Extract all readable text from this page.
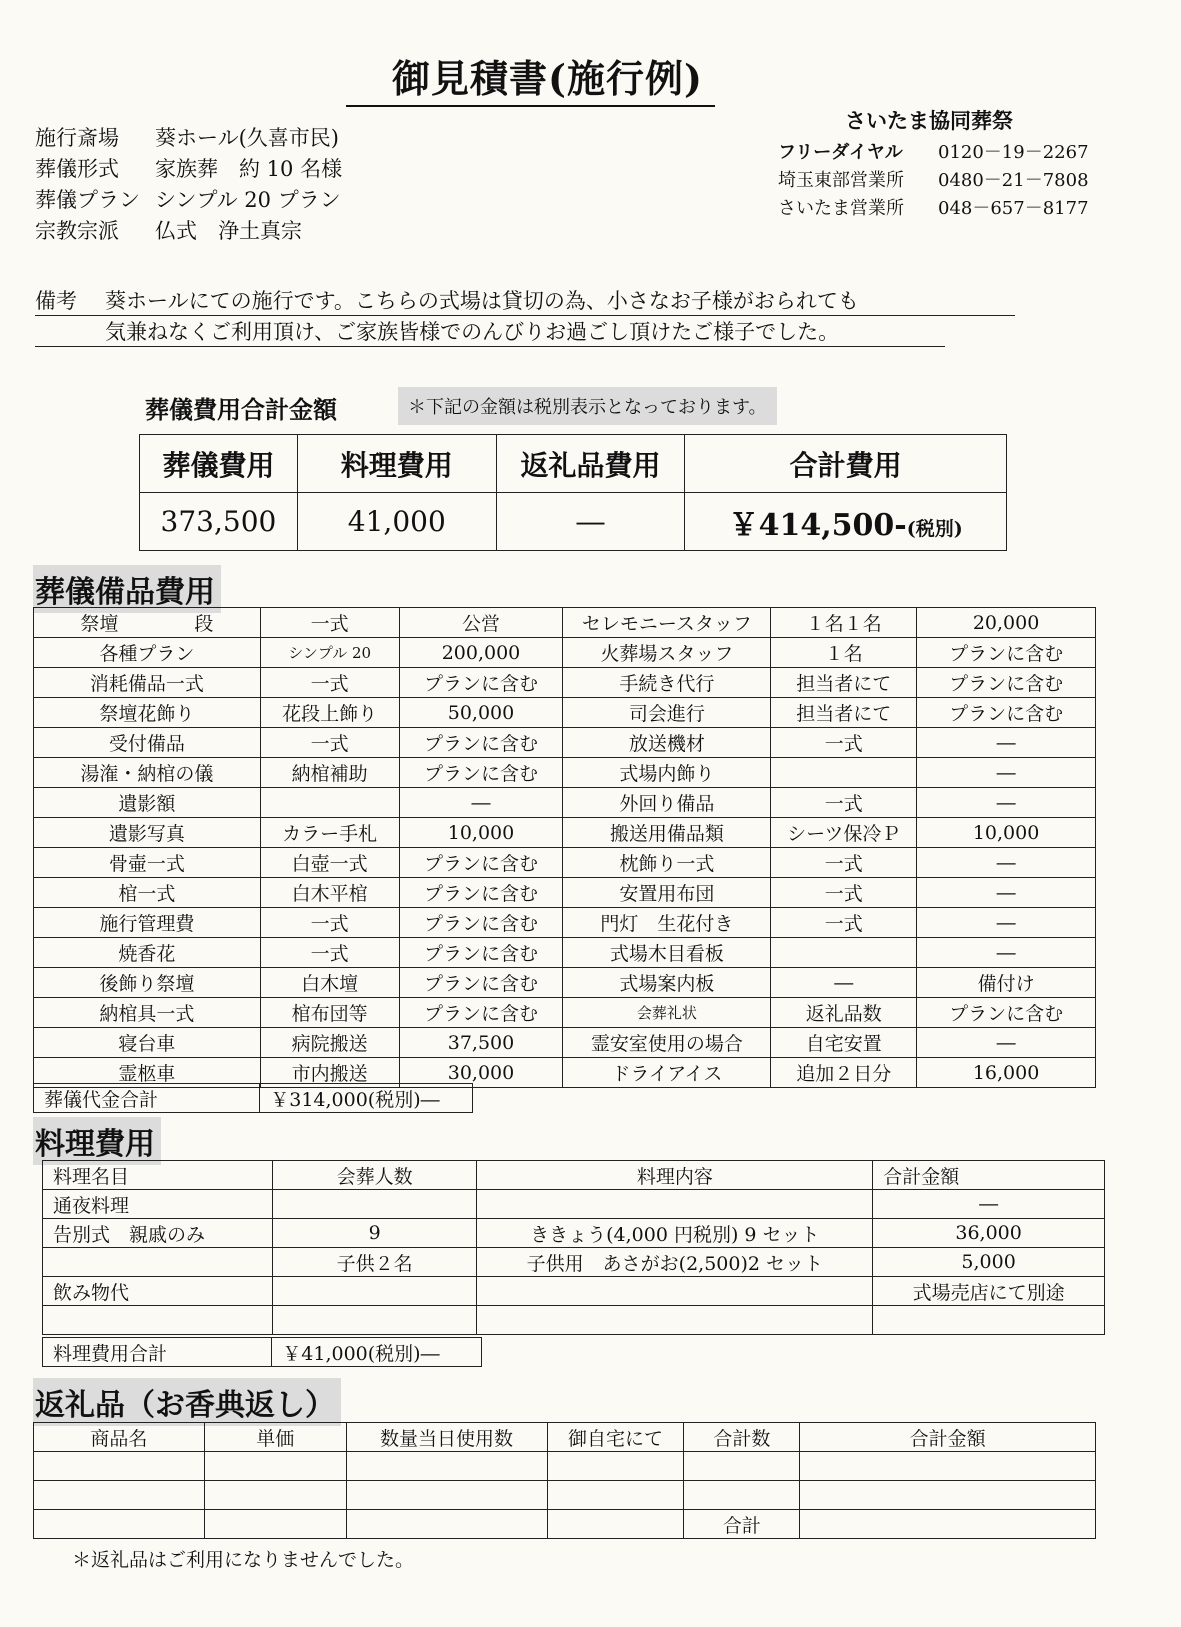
御見積書(施行例)
施行斎場 葵ホール(久喜市民)
葬儀形式 家族葬　約 10 名様
葬儀プラン シンプル 20 プラン
宗教宗派 仏式　浄土真宗
さいたま協同葬祭
フリーダイヤル 0120－19－2267
埼玉東部営業所 0480－21－7808
さいたま営業所 048－657－8177
備考 葵ホールにての施行です。こちらの式場は貸切の為、小さなお子様がおられても
気兼ねなくご利用頂け、ご家族皆様でのんびりお過ごし頂けたご様子でした。
葬儀費用合計金額	＊下記の金額は税別表示となっております。
葬儀費用	料理費用	返礼品費用	合計費用
373,500	41,000	―	￥414,500-(税別)
葬儀備品費用
祭壇　　　　段	一式	公営	セレモニースタッフ	１名１名	20,000
各種プラン	シンプル 20	200,000	火葬場スタッフ	１名	プランに含む
消耗備品一式	一式	プランに含む	手続き代行	担当者にて	プランに含む
祭壇花飾り	花段上飾り	50,000	司会進行	担当者にて	プランに含む
受付備品	一式	プランに含む	放送機材	一式	―
湯潅・納棺の儀	納棺補助	プランに含む	式場内飾り		―
遺影額		―	外回り備品	一式	―
遺影写真	カラー手札	10,000	搬送用備品類	シーツ保冷Ｐ	10,000
骨壷一式	白壺一式	プランに含む	枕飾り一式	一式	―
棺一式	白木平棺	プランに含む	安置用布団	一式	―
施行管理費	一式	プランに含む	門灯　生花付き	一式	―
焼香花	一式	プランに含む	式場木目看板		―
後飾り祭壇	白木壇	プランに含む	式場案内板	―	備付け
納棺具一式	棺布団等	プランに含む	会葬礼状	返礼品数	プランに含む
寝台車	病院搬送	37,500	霊安室使用の場合	自宅安置	―
霊柩車	市内搬送	30,000	ドライアイス	追加２日分	16,000
葬儀代金合計	￥314,000(税別)―
料理費用
料理名目	会葬人数	料理内容	合計金額
通夜料理			―
告別式　親戚のみ	9	ききょう(4,000 円税別) 9 セット	36,000
	子供２名	子供用　あさがお(2,500)2 セット	5,000
飲み物代			式場売店にて別途

料理費用合計	￥41,000(税別)―
返礼品（お香典返し）
商品名	単価	数量当日使用数	御自宅にて	合計数	合計金額

				合計	
＊返礼品はご利用になりませんでした。
